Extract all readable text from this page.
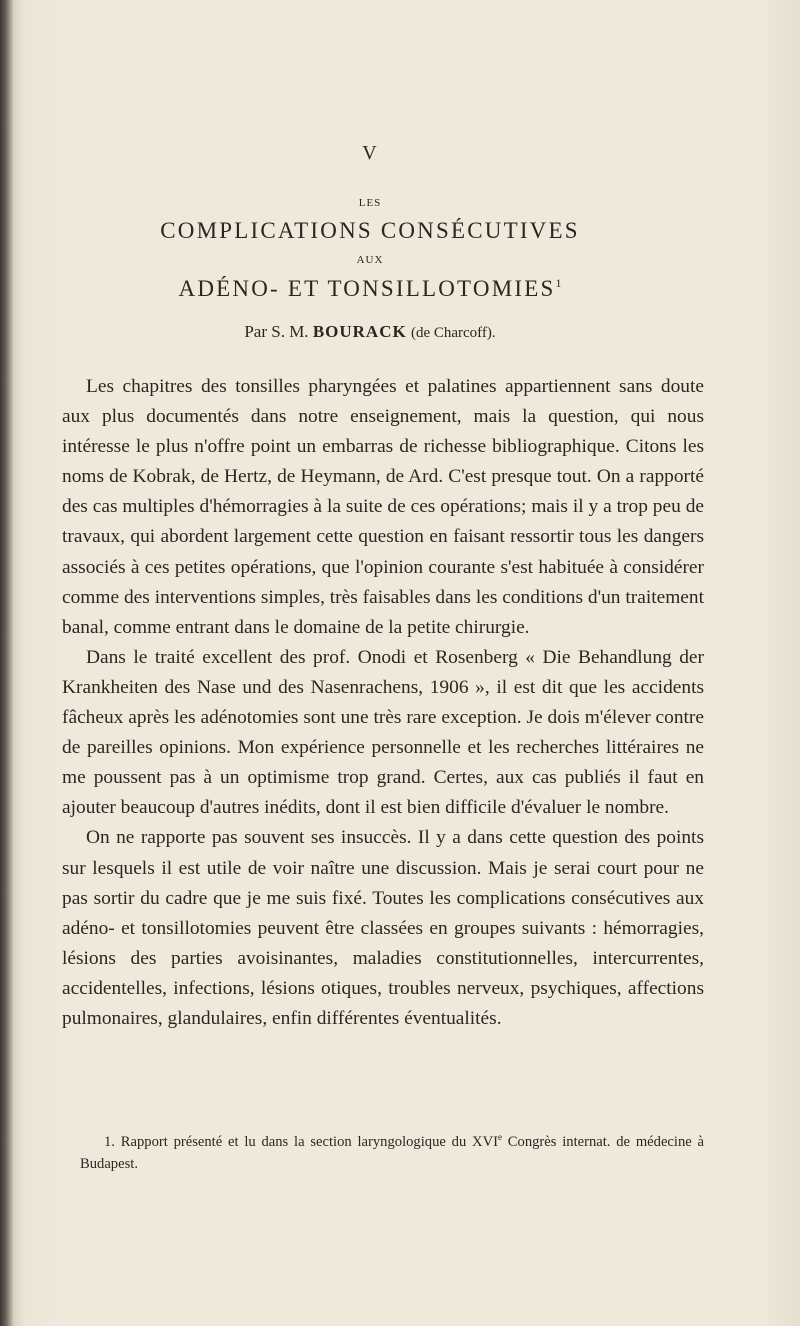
V
LES
COMPLICATIONS CONSÉCUTIVES
AUX
ADÉNO- ET TONSILLOTOMIES$^1$
Par S. M. BOURACK (de Charcoff).

Les chapitres des tonsilles pharyngées et palatines appartiennent sans doute aux plus documentés dans notre enseignement, mais la question, qui nous intéresse le plus n'offre point un embarras de richesse bibliographique. Citons les noms de Kobrak, de Hertz, de Heymann, de Ard. C'est presque tout. On a rapporté des cas multiples d'hémorragies à la suite de ces opérations; mais il y a trop peu de travaux, qui abordent largement cette question en faisant ressortir tous les dangers associés à ces petites opérations, que l'opinion courante s'est habituée à considérer comme des interventions simples, très faisables dans les conditions d'un traitement banal, comme entrant dans le domaine de la petite chirurgie.

Dans le traité excellent des prof. Onodi et Rosenberg « Die Behandlung der Krankheiten des Nase und des Nasenrachens, 1906 », il est dit que les accidents fâcheux après les adénotomies sont une très rare exception. Je dois m'élever contre de pareilles opinions. Mon expérience personnelle et les recherches littéraires ne me poussent pas à un optimisme trop grand. Certes, aux cas publiés il faut en ajouter beaucoup d'autres inédits, dont il est bien difficile d'évaluer le nombre.

On ne rapporte pas souvent ses insuccès. Il y a dans cette question des points sur lesquels il est utile de voir naître une discussion. Mais je serai court pour ne pas sortir du cadre que je me suis fixé. Toutes les complications consécutives aux adéno- et tonsillotomies peuvent être classées en groupes suivants : hémorragies, lésions des parties avoisinantes, maladies constitutionnelles, intercurrentes, accidentelles, infections, lésions otiques, troubles nerveux, psychiques, affections pulmonaires, glandulaires, enfin différentes éventualités.

1. Rapport présenté et lu dans la section laryngologique du XVIe Congrès internat. de médecine à Budapest.
